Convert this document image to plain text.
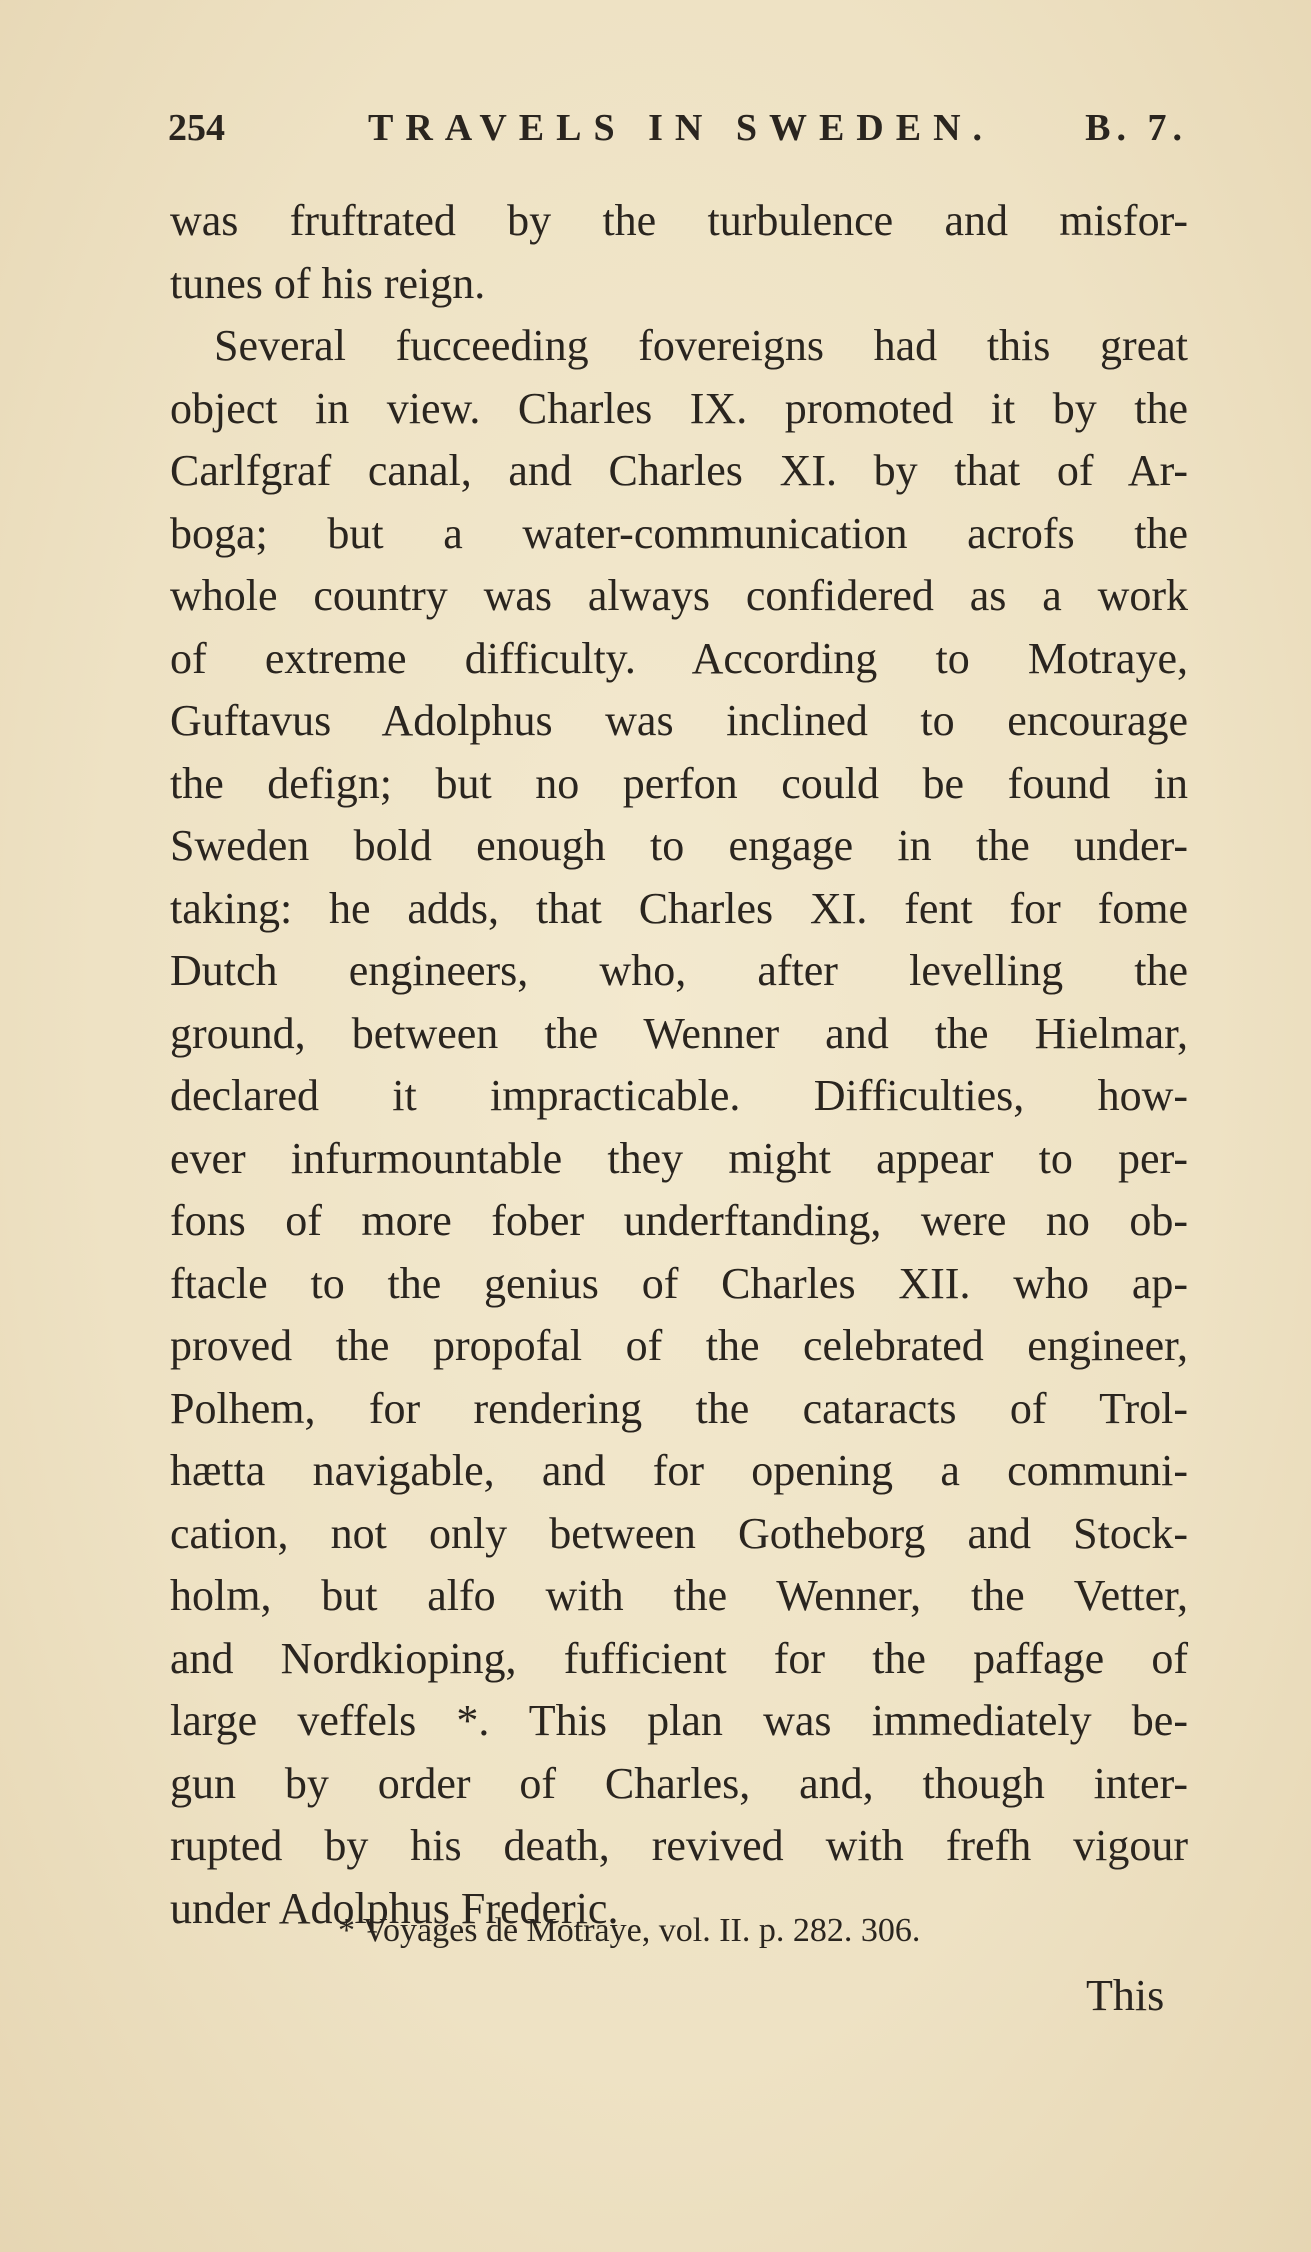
254	TRAVELS IN SWEDEN. B. 7.
was fruftrated by the turbulence and misfor-
tunes of his reign.
Several fucceeding fovereigns had this great
object in view. Charles IX. promoted it by the
Carlfgraf canal, and Charles XI. by that of Ar-
boga; but a water-communication acrofs the
whole country was always confidered as a work
of extreme difficulty. According to Motraye,
Guftavus Adolphus was inclined to encourage
the defign; but no perfon could be found in
Sweden bold enough to engage in the under-
taking: he adds, that Charles XI. fent for fome
Dutch engineers, who, after levelling the
ground, between the Wenner and the Hielmar,
declared it impracticable. Difficulties, how-
ever infurmountable they might appear to per-
fons of more fober underftanding, were no ob-
ftacle to the genius of Charles XII. who ap-
proved the propofal of the celebrated engineer,
Polhem, for rendering the cataracts of Trol-
hætta navigable, and for opening a communi-
cation, not only between Gotheborg and Stock-
holm, but alfo with the Wenner, the Vetter,
and Nordkioping, fufficient for the paffage of
large veffels *. This plan was immediately be-
gun by order of Charles, and, though inter-
rupted by his death, revived with frefh vigour
under Adolphus Frederic.
* Voyages de Motraye, vol. II. p. 282. 306.
This
